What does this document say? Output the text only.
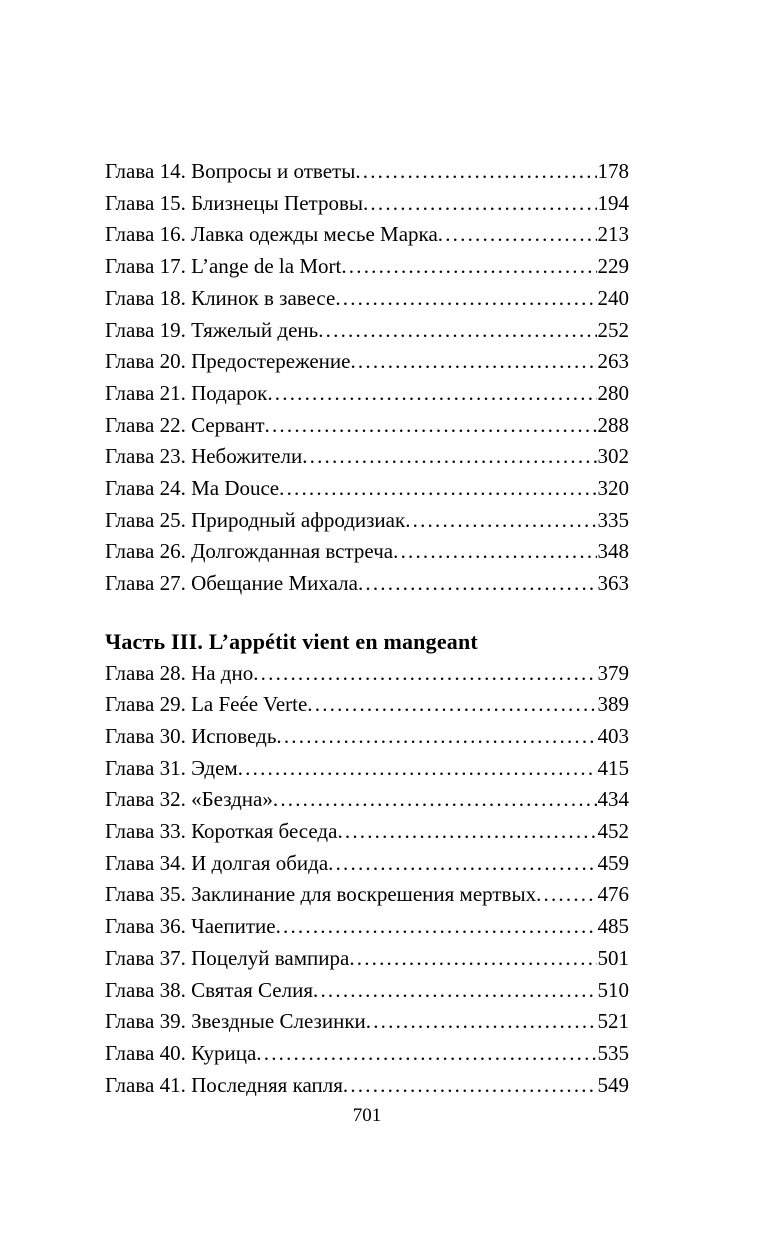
Глава 14. Вопросы и ответы .....	178
Глава 15. Близнецы Петровы .....	194
Глава 16. Лавка одежды месье Марка .....	213
Глава 17. L’ange de la Mort .....	229
Глава 18. Клинок в завесе .....	240
Глава 19. Тяжелый день .....	252
Глава 20. Предостережение .....	263
Глава 21. Подарок .....	280
Глава 22. Сервант .....	288
Глава 23. Небожители .....	302
Глава 24. Ma Douce .....	320
Глава 25. Природный афродизиак .....	335
Глава 26. Долгожданная встреча .....	348
Глава 27. Обещание Михала .....	363
Часть III. L’appétit vient en mangeant
Глава 28. На дно .....	379
Глава 29. La Feée Verte .....	389
Глава 30. Исповедь .....	403
Глава 31. Эдем .....	415
Глава 32. «Бездна» .....	434
Глава 33. Короткая беседа .....	452
Глава 34. И долгая обида .....	459
Глава 35. Заклинание для воскрешения мертвых .....	476
Глава 36. Чаепитие .....	485
Глава 37. Поцелуй вампира .....	501
Глава 38. Святая Селия .....	510
Глава 39. Звездные Слезинки .....	521
Глава 40. Курица .....	535
Глава 41. Последняя капля .....	549
701
